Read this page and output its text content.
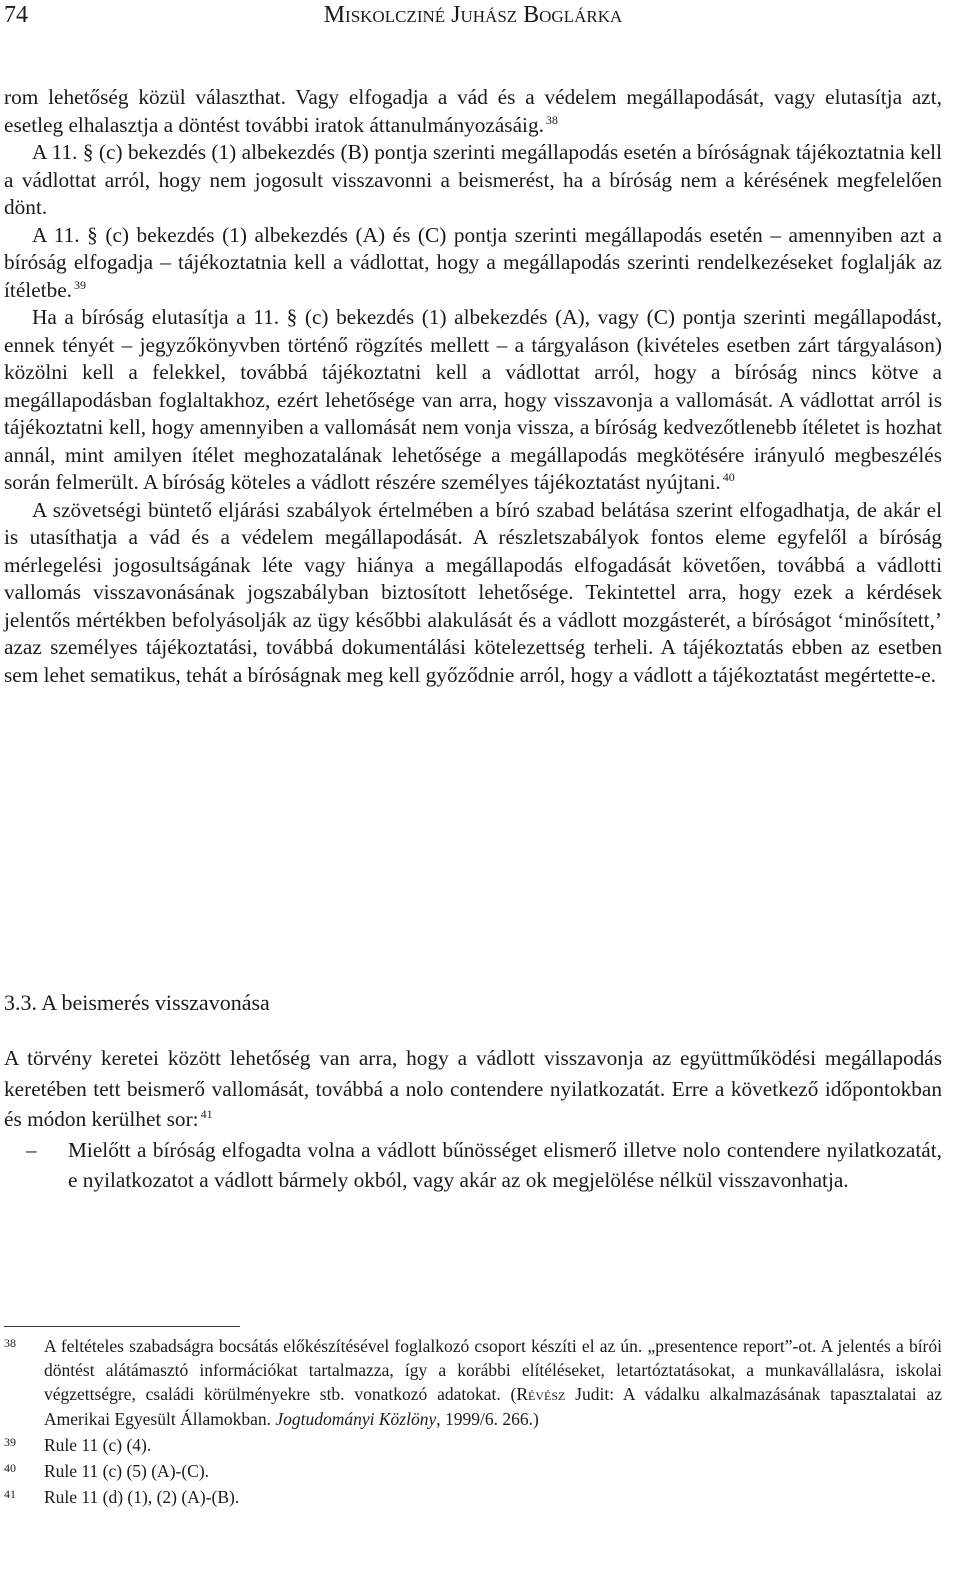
74	Miskolcziné Juhász Boglárka

rom lehetőség közül választhat. Vagy elfogadja a vád és a védelem megállapodását, vagy elutasítja azt, esetleg elhalasztja a döntést további iratok áttanulmányozásáig. $^{38}$

A 11. § (c) bekezdés (1) albekezdés (B) pontja szerinti megállapodás esetén a bíróságnak tájékoztatnia kell a vádlottat arról, hogy nem jogosult visszavonni a beismerést, ha a bíróság nem a kérésének megfelelően dönt.

A 11. § (c) bekezdés (1) albekezdés (A) és (C) pontja szerinti megállapodás esetén – amennyiben azt a bíróság elfogadja – tájékoztatnia kell a vádlottat, hogy a megállapodás szerinti rendelkezéseket foglalják az ítéletbe. $^{39}$

Ha a bíróság elutasítja a 11. § (c) bekezdés (1) albekezdés (A), vagy (C) pontja szerinti megállapodást, ennek tényét – jegyzőkönyvben történő rögzítés mellett – a tárgyaláson (kivételes esetben zárt tárgyaláson) közölni kell a felekkel, továbbá tájékoztatni kell a vádlottat arról, hogy a bíróság nincs kötve a megállapodásban foglaltakhoz, ezért lehetősége van arra, hogy visszavonja a vallomását. A vádlottat arról is tájékoztatni kell, hogy amennyiben a vallomását nem vonja vissza, a bíróság kedvezőtlenebb ítéletet is hozhat annál, mint amilyen ítélet meghozatalának lehetősége a megállapodás megkötésére irányuló megbeszélés során felmerült. A bíróság köteles a vádlott részére személyes tájékoztatást nyújtani. $^{40}$

A szövetségi büntető eljárási szabályok értelmében a bíró szabad belátása szerint elfogadhatja, de akár el is utasíthatja a vád és a védelem megállapodását. A részletszabályok fontos eleme egyfelől a bíróság mérlegelési jogosultságának léte vagy hiánya a megállapodás elfogadását követően, továbbá a vádlotti vallomás visszavonásának jogszabályban biztosított lehetősége. Tekintettel arra, hogy ezek a kérdések jelentős mértékben befolyásolják az ügy későbbi alakulását és a vádlott mozgásterét, a bíróságot ‘minősített,’ azaz személyes tájékoztatási, továbbá dokumentálási kötelezettség terheli. A tájékoztatás ebben az esetben sem lehet sematikus, tehát a bíróságnak meg kell győződnie arról, hogy a vádlott a tájékoztatást megértette-e.

3.3. A beismerés visszavonása

A törvény keretei között lehetőség van arra, hogy a vádlott visszavonja az együttműködési megállapodás keretében tett beismerő vallomását, továbbá a nolo contendere nyilatkozatát. Erre a következő időpontokban és módon kerülhet sor: $^{41}$

– Mielőtt a bíróság elfogadta volna a vádlott bűnösséget elismerő illetve nolo contendere nyilatkozatát, e nyilatkozatot a vádlott bármely okból, vagy akár az ok megjelölése nélkül visszavonhatja.

38 A feltételes szabadságra bocsátás előkészítésével foglalkozó csoport készíti el az ún. „presentence report”-ot. A jelentés a bírói döntést alátámasztó információkat tartalmazza, így a korábbi elítéléseket, letartóztatásokat, a munkavállalásra, iskolai végzettségre, családi körülményekre stb. vonatkozó adatokat. (Révész Judit: A vádalku alkalmazásának tapasztalatai az Amerikai Egyesült Államokban. Jogtudományi Közlöny, 1999/6. 266.)
39 Rule 11 (c) (4).
40 Rule 11 (c) (5) (A)-(C).
41 Rule 11 (d) (1), (2) (A)-(B).
